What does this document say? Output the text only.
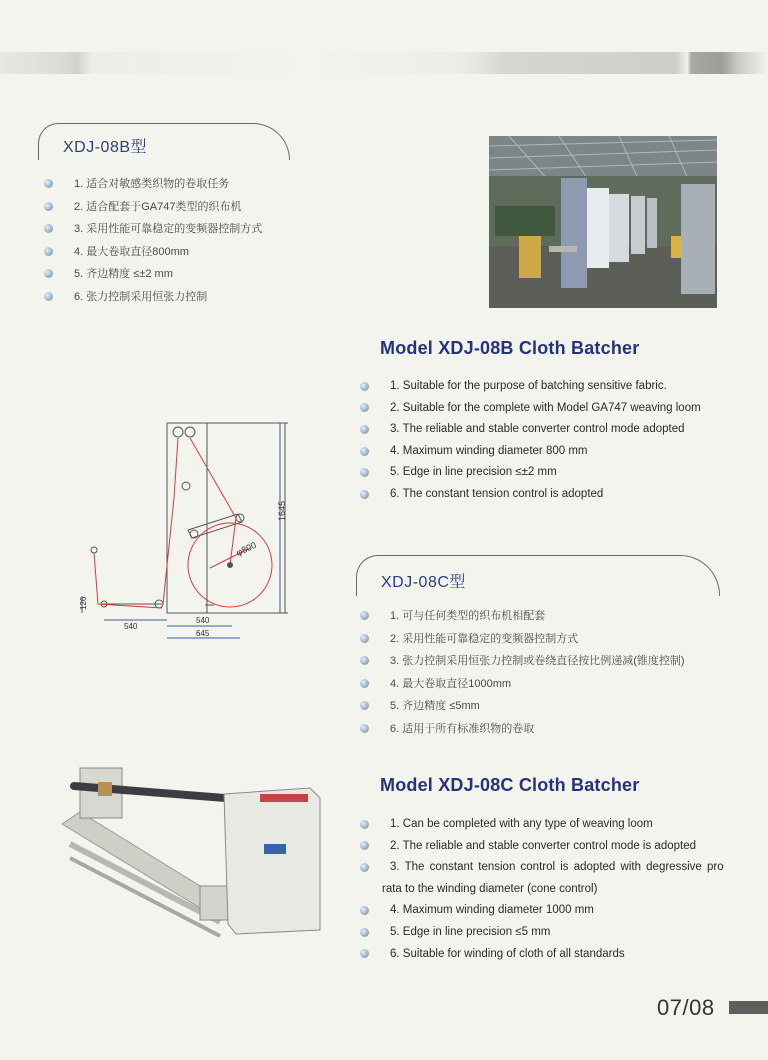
XDJ-08B型
1. 适合对敏感类织物的卷取任务
2. 适合配套于GA747类型的织布机
3. 采用性能可靠稳定的变频器控制方式
4. 最大卷取直径800mm
5. 齐边精度 ≤±2 mm
6. 张力控制采用恒张力控制
Model XDJ-08B Cloth Batcher
1. Suitable for the purpose of batching sensitive fabric.
2. Suitable for the complete with Model GA747 weaving loom
3. The reliable and stable converter control mode adopted
4. Maximum winding diameter 800 mm
5. Edge in line precision ≤±2 mm
6. The constant tension control is adopted
1645
φ800
126
540
540
645
XDJ-08C型
1. 可与任何类型的织布机相配套
2. 采用性能可靠稳定的变频器控制方式
3. 张力控制采用恒张力控制或卷绕直径按比例递减(锥度控制)
4. 最大卷取直径1000mm
5. 齐边精度 ≤5mm
6. 适用于所有标准织物的卷取
Model XDJ-08C Cloth Batcher
1. Can be completed with any type of weaving loom
2. The reliable and stable converter control mode is adopted
3. The constant tension control is adopted with degressive pro
rata to the winding diameter (cone control)
4. Maximum winding diameter 1000 mm
5. Edge in line precision ≤5 mm
6. Suitable for winding of cloth of all standards
07/08
